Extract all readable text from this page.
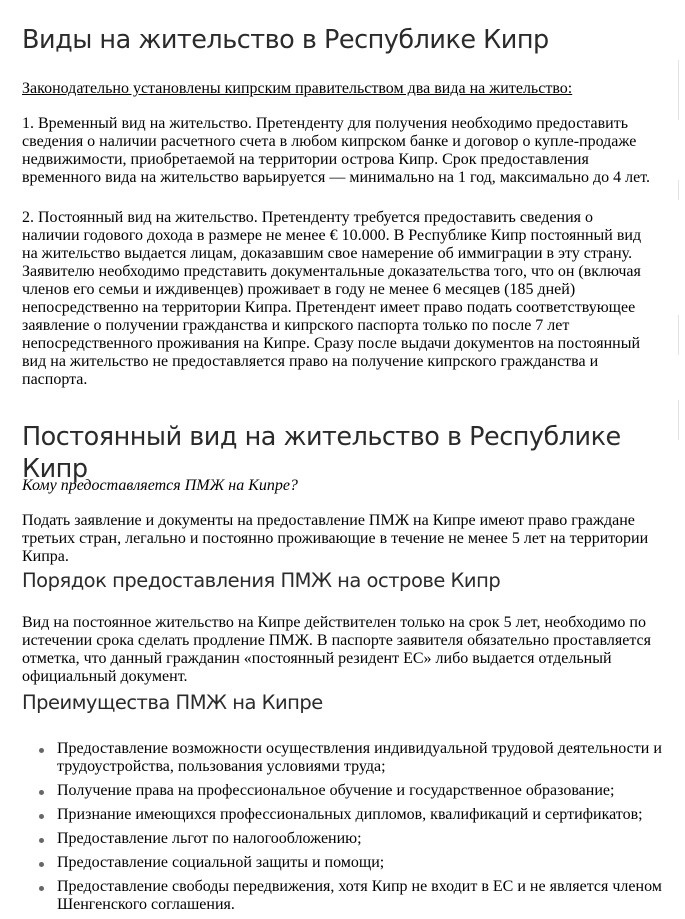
Виды на жительство в Республике Кипр

Законодательно установлены кипрским правительством два вида на жительство:

1. Временный вид на жительство. Претенденту для получения необходимо предоставить сведения о наличии расчетного счета в любом кипрском банке и договор о купле-продаже недвижимости, приобретаемой на территории острова Кипр. Срок предоставления временного вида на жительство варьируется — минимально на 1 год, максимально до 4 лет.

2. Постоянный вид на жительство. Претенденту требуется предоставить сведения о наличии годового дохода в размере не менее € 10.000. В Республике Кипр постоянный вид на жительство выдается лицам, доказавшим свое намерение об иммиграции в эту страну. Заявителю необходимо представить документальные доказательства того, что он (включая членов его семьи и иждивенцев) проживает в году не менее 6 месяцев (185 дней) непосредственно на территории Кипра. Претендент имеет право подать соответствующее заявление о получении гражданства и кипрского паспорта только по после 7 лет непосредственного проживания на Кипре. Сразу после выдачи документов на постоянный вид на жительство не предоставляется право на получение кипрского гражданства и паспорта.

Постоянный вид на жительство в Республике Кипр

Кому предоставляется ПМЖ на Кипре?

Подать заявление и документы на предоставление ПМЖ на Кипре имеют право граждане третьих стран, легально и постоянно проживающие в течение не менее 5 лет на территории Кипра.

Порядок предоставления ПМЖ на острове Кипр

Вид на постоянное жительство на Кипре действителен только на срок 5 лет, необходимо по истечении срока сделать продление ПМЖ. В паспорте заявителя обязательно проставляется отметка, что данный гражданин «постоянный резидент ЕС» либо выдается отдельный официальный документ.

Преимущества ПМЖ на Кипре
Предоставление возможности осуществления индивидуальной трудовой деятельности и трудоустройства, пользования условиями труда;
Получение права на профессиональное обучение и государственное образование;
Признание имеющихся профессиональных дипломов, квалификаций и сертификатов;
Предоставление льгот по налогообложению;
Предоставление социальной защиты и помощи;
Предоставление свободы передвижения, хотя Кипр не входит в ЕС и не является членом Шенгенского соглашения.
